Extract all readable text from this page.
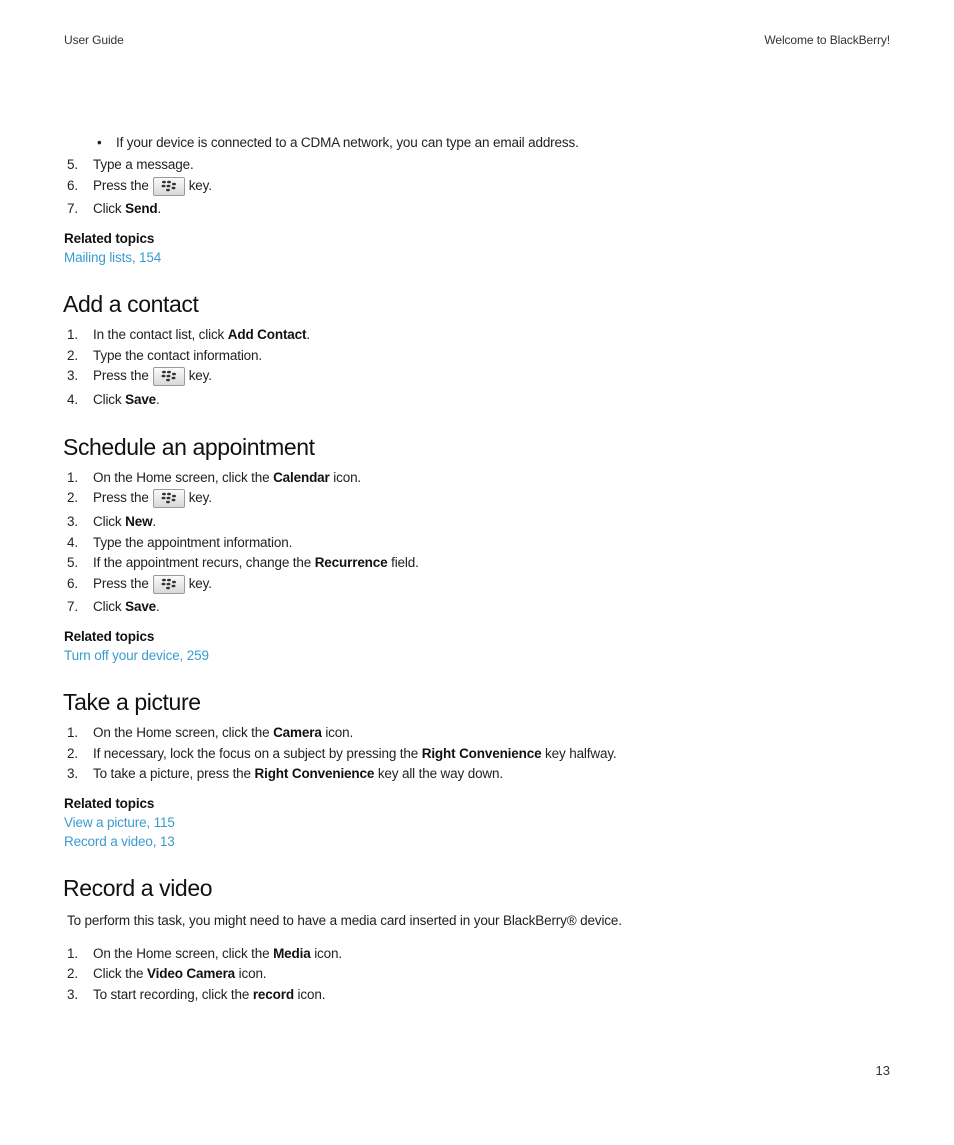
User Guide	Welcome to BlackBerry!
13
• If your device is connected to a CDMA network, you can type an email address.
5.	Type a message.
6.	Press the

	key.
7.	Click Send .
Related topics
Mailing lists, 154
Add a contact
1.	In the contact list, click Add Contact .
2.	Type the contact information.
3.	Press the

	key.
4.	Click Save .
Schedule an appointment
1.	On the Home screen, click the Calendar icon.
2.	Press the

	key.
3.	Click New .
4.	Type the appointment information.
5.	If the appointment recurs, change the Recurrence field.
6.	Press the

	key.
7.	Click Save .
Related topics
Turn off your device, 259
Take a picture
1.	On the Home screen, click the Camera icon.
2.	If necessary, lock the focus on a subject by pressing the Right Convenience key halfway.
3.	To take a picture, press the Right Convenience key all the way down.
Related topics
View a picture, 115
Record a video, 13
Record a video
To perform this task, you might need to have a media card inserted in your BlackBerry® device.
1.	On the Home screen, click the Media icon.
2.	Click the Video Camera icon.
3.	To start recording, click the record icon.
